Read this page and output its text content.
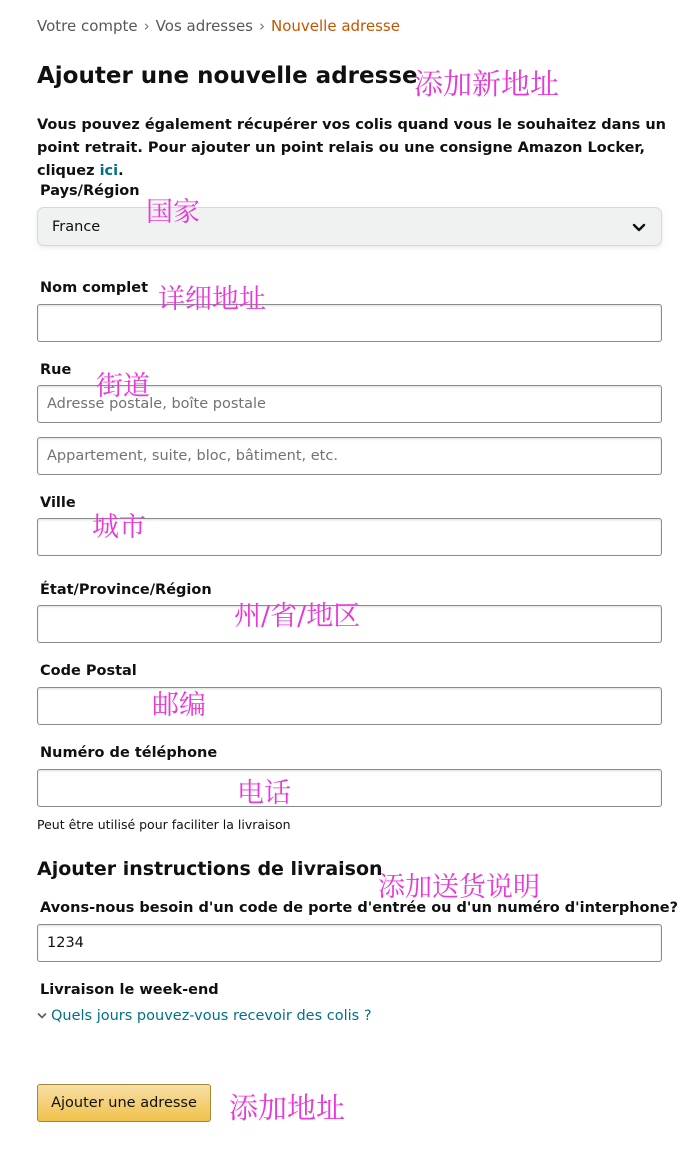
Votre compte › Vos adresses › Nouvelle adresse
Ajouter une nouvelle adresse
Vous pouvez également récupérer vos colis quand vous le souhaitez dans un point retrait. Pour ajouter un point relais ou une consigne Amazon Locker, cliquez ici.
Pays/Région
France
Nom complet
Rue
Adresse postale, boîte postale
Appartement, suite, bloc, bâtiment, etc.
Ville
État/Province/Région
Code Postal
Numéro de téléphone
Peut être utilisé pour faciliter la livraison
Ajouter instructions de livraison
Avons-nous besoin d'un code de porte d'entrée ou d'un numéro d'interphone?
1234
Livraison le week-end
Quels jours pouvez-vous recevoir des colis ?
Ajouter une adresse
添加新地址
国家
详细地址
街道
城市
州/省/地区
邮编
电话
添加送货说明
添加地址
